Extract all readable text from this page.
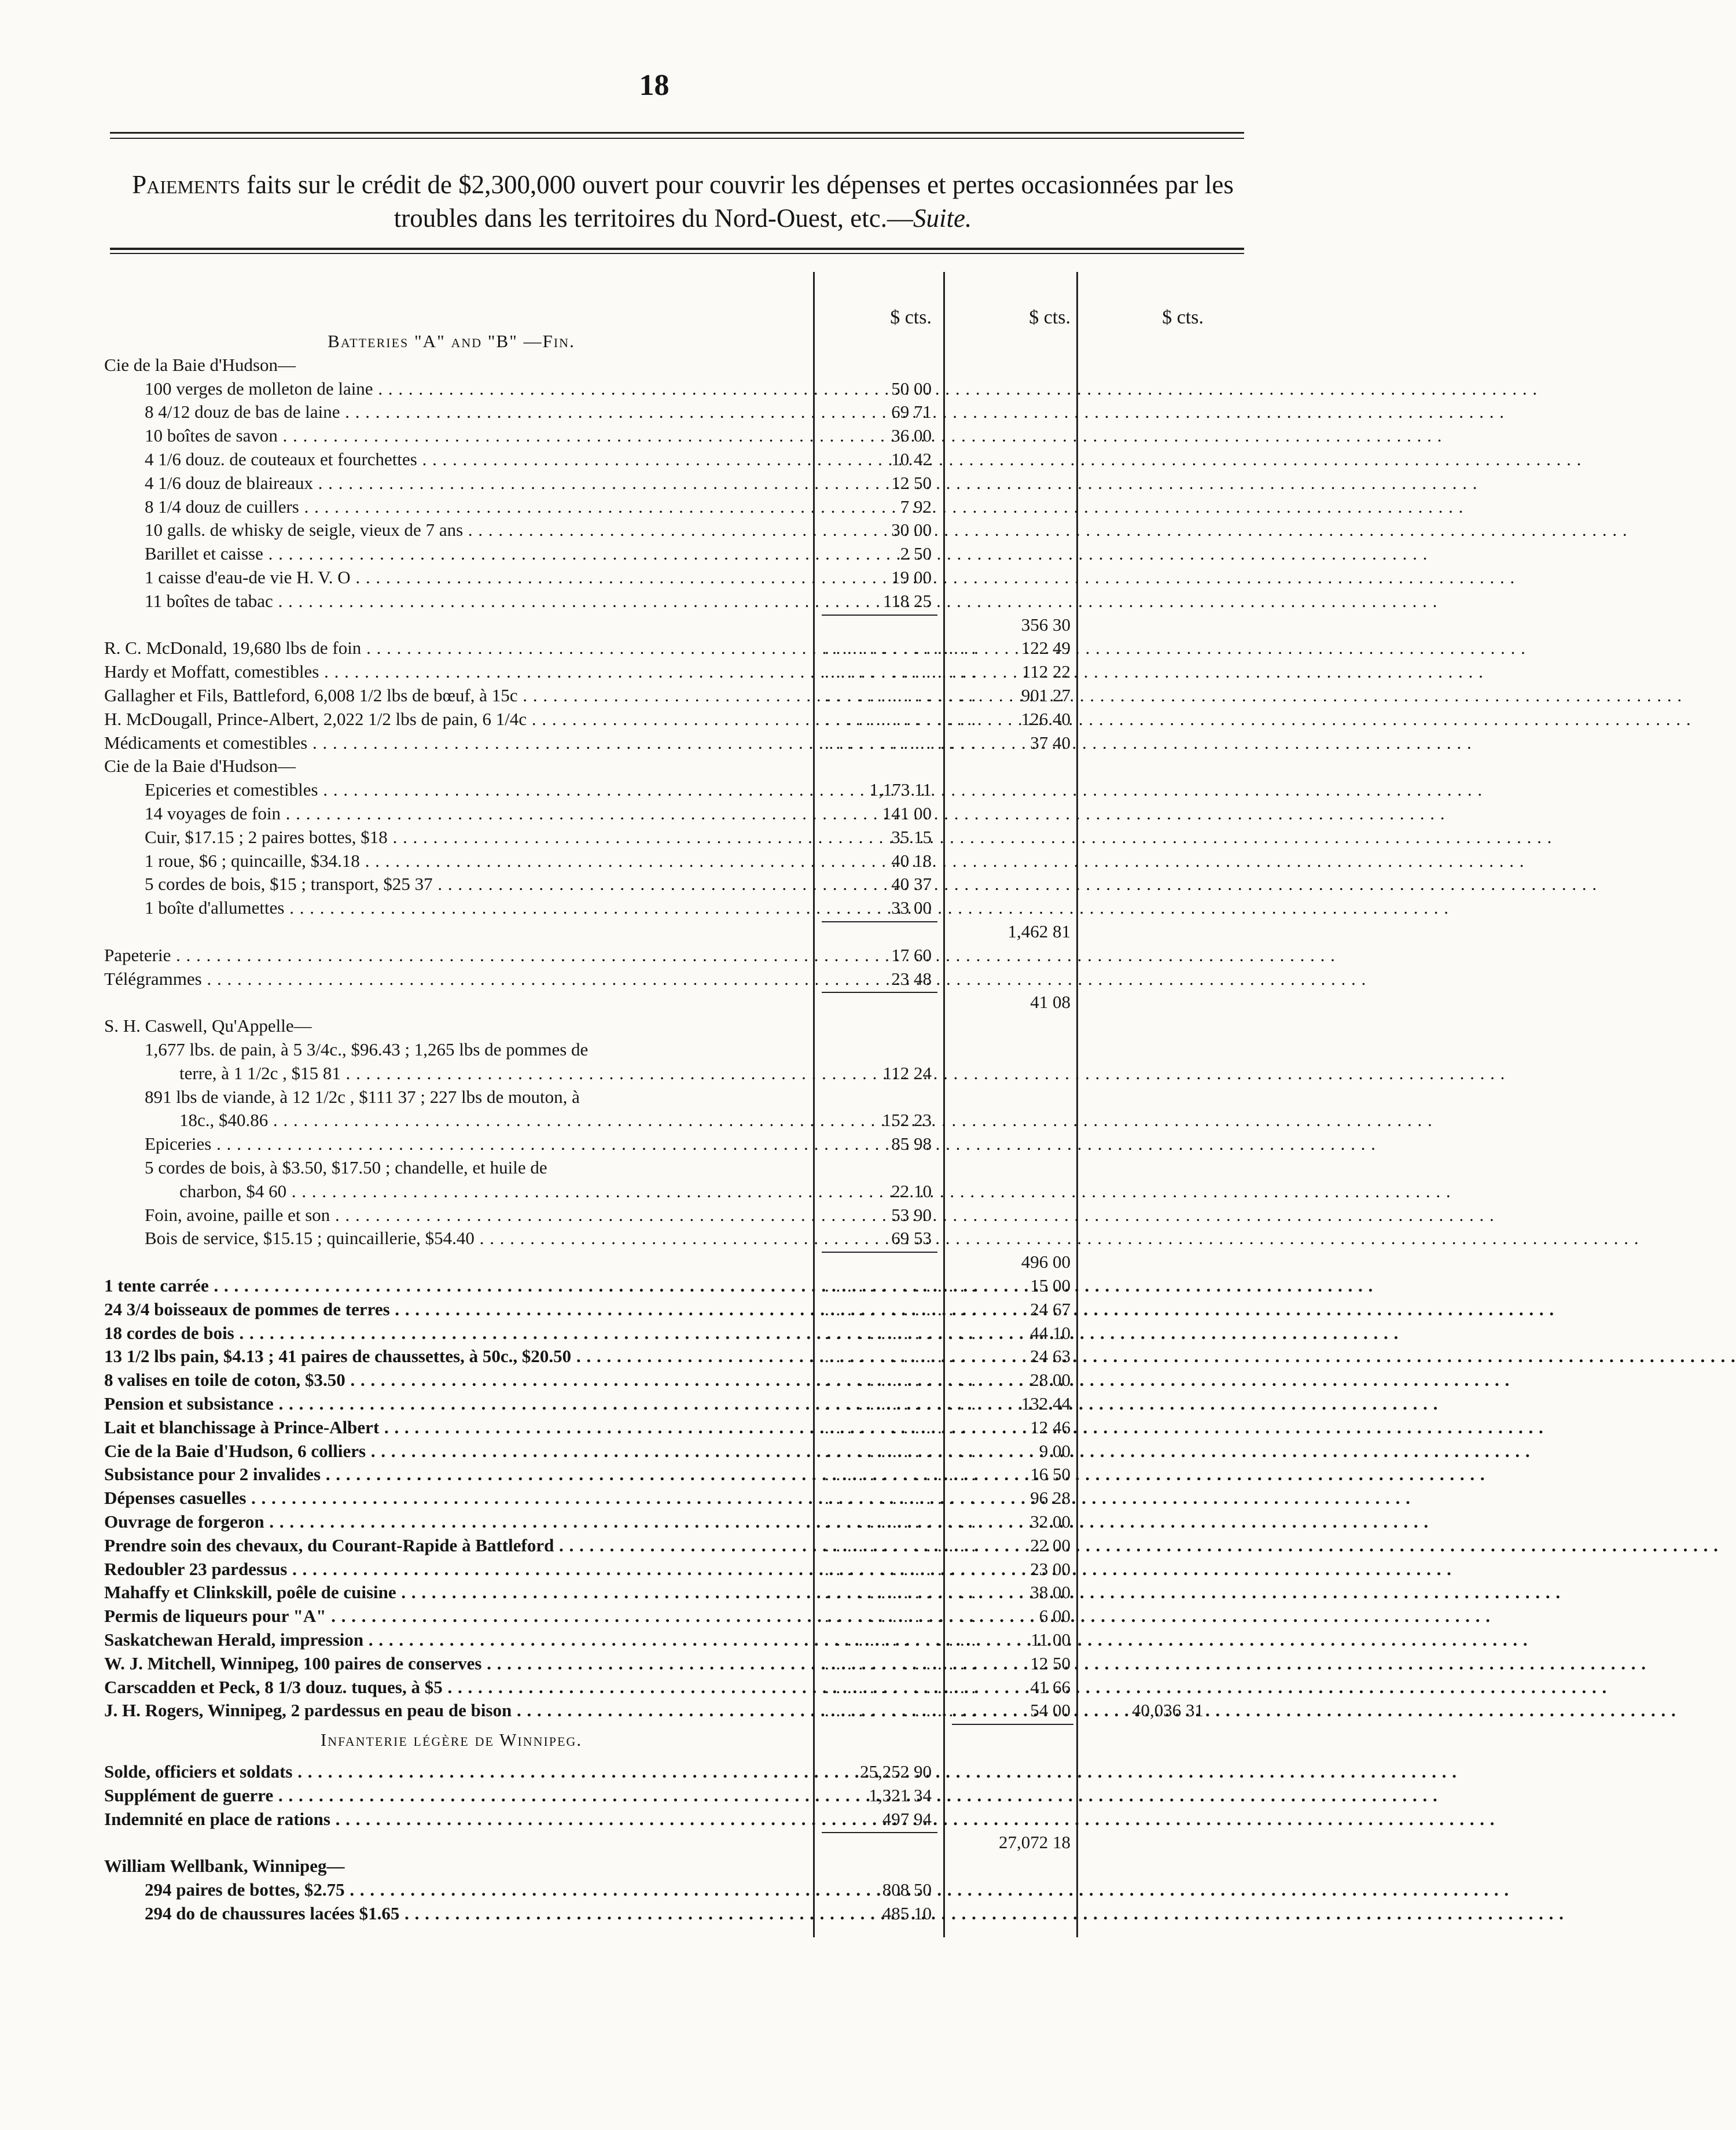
18
Paiements faits sur le crédit de $2,300,000 ouvert pour couvrir les dépenses et pertes occasionnées par les troubles dans les territoires du Nord-Ouest, etc.—Suite.
$ cts.	$ cts.	$ cts.
Batteries "A" and "B" —Fin.
Cie de la Baie d'Hudson—
100 verges de molleton de laine . . .	50 00
8 4/12 douz de bas de laine . . .	69 71
10 boîtes de savon . . .	36 00
4 1/6 douz. de couteaux et fourchettes . . .	10 42
4 1/6 douz de blaireaux . . .	12 50
8 1/4 douz de cuillers . . .	7 92
10 galls. de whisky de seigle, vieux de 7 ans . . .	30 00
Barillet et caisse . . .	2 50
1 caisse d'eau-de vie H. V. O . . .	19 00
11 boîtes de tabac . . .	118 25
356 30
R. C. McDonald, 19,680 lbs de foin . . .	. . . . . . . . . . . . . .	122 49
Hardy et Moffatt, comestibles . . .	. . . . . . . . . . . . . .	112 22
Gallagher et Fils, Battleford, 6,008 1/2 lbs de bœuf, à 15c . . .	. . . . . . . . . . . . . .	901 27
H. McDougall, Prince-Albert, 2,022 1/2 lbs de pain, 6 1/4c . . .	. . . . . . . . . . . . . .	126 40
Médicaments et comestibles . . .	. . . . . . . . . . . . . .	37 40
Cie de la Baie d'Hudson—
Epiceries et comestibles . . .	1,173 11
14 voyages de foin . . .	141 00
Cuir, $17.15 ; 2 paires bottes, $18 . . .	35 15
1 roue, $6 ; quincaille, $34.18 . . .	40 18
5 cordes de bois, $15 ; transport, $25 37 . . .	40 37
1 boîte d'allumettes . . .	33 00
1,462 81
Papeterie . . .	17 60
Télégrammes . . .	23 48
41 08
S. H. Caswell, Qu'Appelle—
1,677 lbs. de pain, à 5 3/4c., $96.43 ; 1,265 lbs de pommes de
terre, à 1 1/2c , $15 81 . . .	112 24
891 lbs de viande, à 12 1/2c , $111 37 ; 227 lbs de mouton, à
18c., $40.86 . . .	152 23
Epiceries . . .	85 98
5 cordes de bois, à $3.50, $17.50 ; chandelle, et huile de
charbon, $4 60 . . .	22 10
Foin, avoine, paille et son . . .	53 90
Bois de service, $15.15 ; quincaillerie, $54.40 . . .	69 53
496 00
1 tente carrée . . .	. . . . . . . . . . . . . .	15 00
24 3/4 boisseaux de pommes de terres . . .	. . . . . . . . . . . . . .	24 67
18 cordes de bois . . .	. . . . . . . . . . . . . .	44 10
13 1/2 lbs pain, $4.13 ; 41 paires de chaussettes, à 50c., $20.50 . . .	. . . . . . . . . . . . . .	24 63
8 valises en toile de coton, $3.50 . . .	. . . . . . . . . . . . . .	28 00
Pension et subsistance . . .	. . . . . . . . . . . . . .	132 44
Lait et blanchissage à Prince-Albert . . .	. . . . . . . . . . . . . .	12 46
Cie de la Baie d'Hudson, 6 colliers . . .	. . . . . . . . . . . . . .	9 00
Subsistance pour 2 invalides . . .	. . . . . . . . . . . . . .	16 50
Dépenses casuelles . . .	. . . . . . . . . . . . . .	96 28
Ouvrage de forgeron . . .	. . . . . . . . . . . . . .	32 00
Prendre soin des chevaux, du Courant-Rapide à Battleford . . .	. . . . . . . . . . . . . .	22 00
Redoubler 23 pardessus . . .	. . . . . . . . . . . . . .	23 00
Mahaffy et Clinkskill, poêle de cuisine . . .	. . . . . . . . . . . . . .	38 00
Permis de liqueurs pour "A" . . .	. . . . . . . . . . . . . .	6 00
Saskatchewan Herald, impression . . .	. . . . . . . . . . . . . .	11 00
W. J. Mitchell, Winnipeg, 100 paires de conserves . . .	. . . . . . . . . . . . . .	12 50
Carscadden et Peck, 8 1/3 douz. tuques, à $5 . . .	. . . . . . . . . . . . . .	41 66
J. H. Rogers, Winnipeg, 2 pardessus en peau de bison . . .	. . . . . . . . . . . . . .	54 00	40,036 31
Infanterie légère de Winnipeg.
Solde, officiers et soldats . . .	25,252 90
Supplément de guerre . . .	1,321 34
Indemnité en place de rations . . .	497 94
27,072 18
William Wellbank, Winnipeg—
294 paires de bottes, $2.75 . . .	808 50
294 do de chaussures lacées $1.65 . . .	485 10
